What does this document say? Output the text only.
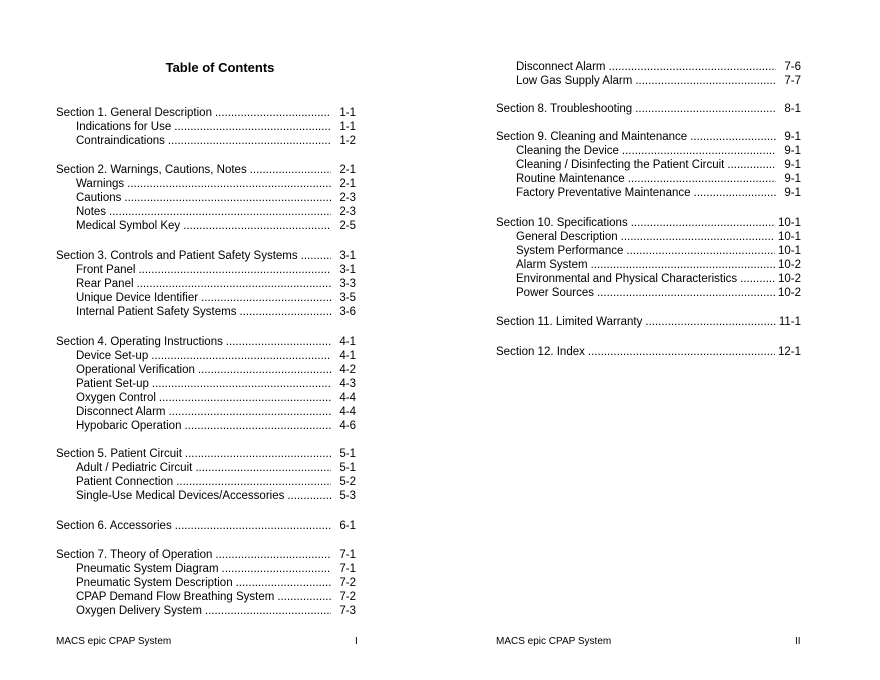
Table of Contents
Section 1. General Description .....	1-1
Indications for Use .....	1-1
Contraindications .....	1-2
Section 2. Warnings, Cautions, Notes .....	2-1
Warnings .....	2-1
Cautions .....	2-3
Notes .....	2-3
Medical Symbol Key .....	2-5
Section 3. Controls and Patient Safety Systems .....	3-1
Front Panel .....	3-1
Rear Panel .....	3-3
Unique Device Identifier .....	3-5
Internal Patient Safety Systems .....	3-6
Section 4. Operating Instructions .....	4-1
Device Set-up .....	4-1
Operational Verification .....	4-2
Patient Set-up .....	4-3
Oxygen Control .....	4-4
Disconnect Alarm .....	4-4
Hypobaric Operation .....	4-6
Section 5. Patient Circuit .....	5-1
Adult / Pediatric Circuit .....	5-1
Patient Connection .....	5-2
Single-Use Medical Devices/Accessories .....	5-3
Section 6. Accessories .....	6-1
Section 7. Theory of Operation .....	7-1
Pneumatic System Diagram .....	7-1
Pneumatic System Description .....	7-2
CPAP Demand Flow Breathing System .....	7-2
Oxygen Delivery System .....	7-3
Disconnect Alarm .....	7-6
Low Gas Supply Alarm .....	7-7
Section 8. Troubleshooting .....	8-1
Section 9. Cleaning and Maintenance .....	9-1
Cleaning the Device .....	9-1
Cleaning / Disinfecting the Patient Circuit .....	9-1
Routine Maintenance .....	9-1
Factory Preventative Maintenance .....	9-1
Section 10. Specifications .....	10-1
General Description .....	10-1
System Performance .....	10-1
Alarm System .....	10-2
Environmental and Physical Characteristics .....	10-2
Power Sources .....	10-2
Section 11. Limited Warranty .....	11-1
Section 12. Index .....	12-1
MACS epic CPAP System	I	MACS epic CPAP System	II
